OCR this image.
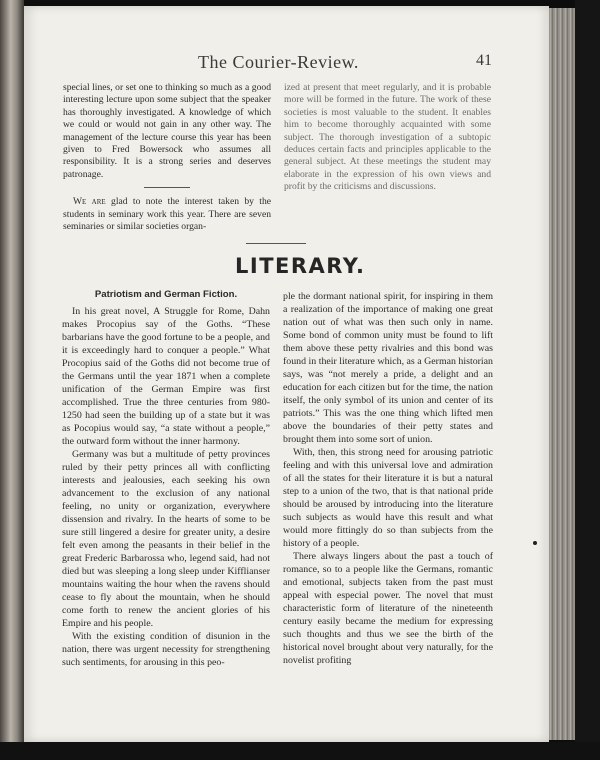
The Courier-Review.	41

special lines, or set one to thinking so much as a good interesting lecture upon some subject that the speaker has thoroughly investigated. A knowledge of which we could or would not gain in any other way. The management of the lecture course this year has been given to Fred Bowersock who assumes all responsibility. It is a strong series and deserves patronage.

We are glad to note the interest taken by the students in seminary work this year. There are seven seminaries or similar societies organ-

ized at present that meet regularly, and it is probable more will be formed in the future. The work of these societies is most valuable to the student. It enables him to become thoroughly acquainted with some subject. The thorough investigation of a subtopic deduces certain facts and principles applicable to the general subject. At these meetings the student may elaborate in the expression of his own views and profit by the criticisms and discussions.

LITERARY.
Patriotism and German Fiction.

In his great novel, A Struggle for Rome, Dahn makes Procopius say of the Goths. “These barbarians have the good fortune to be a people, and it is exceedingly hard to conquer a people.” What Procopius said of the Goths did not become true of the Germans until the year 1871 when a complete unification of the German Empire was first accomplished. True the three centuries from 980-1250 had seen the building up of a state but it was as Pocopius would say, “a state without a people,” the outward form without the inner harmony.

Germany was but a multitude of petty provinces ruled by their petty princes all with conflicting interests and jealousies, each seeking his own advancement to the exclusion of any national feeling, no unity or organization, everywhere dissension and rivalry. In the hearts of some to be sure still lingered a desire for greater unity, a desire felt even among the peasants in their belief in the great Frederic Barbarossa who, legend said, had not died but was sleeping a long sleep under Kifflianser mountains waiting the hour when the ravens should cease to fly about the mountain, when he should come forth to renew the ancient glories of his Empire and his people.

With the existing condition of disunion in the nation, there was urgent necessity for strengthening such sentiments, for arousing in this peo-

ple the dormant national spirit, for inspiring in them a realization of the importance of making one great nation out of what was then such only in name. Some bond of common unity must be found to lift them above these petty rivalries and this bond was found in their literature which, as a German historian says, was “not merely a pride, a delight and an education for each citizen but for the time, the nation itself, the only symbol of its union and center of its patriots.” This was the one thing which lifted men above the boundaries of their petty states and brought them into some sort of union.

With, then, this strong need for arousing patriotic feeling and with this universal love and admiration of all the states for their literature it is but a natural step to a union of the two, that is that national pride should be aroused by introducing into the literature such subjects as would have this result and what would more fittingly do so than subjects from the history of a people.

There always lingers about the past a touch of romance, so to a people like the Germans, romantic and emotional, subjects taken from the past must appeal with especial power. The novel that must characteristic form of literature of the nineteenth century easily became the medium for expressing such thoughts and thus we see the birth of the historical novel brought about very naturally, for the novelist profiting
